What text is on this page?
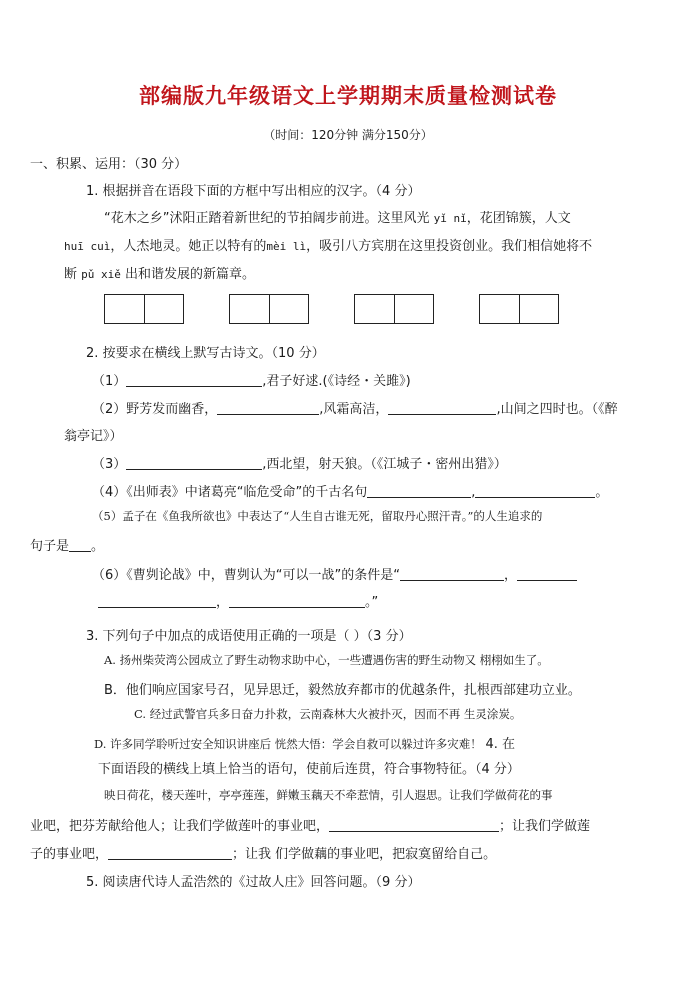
部编版九年级语文上学期期末质量检测试卷
（时间：120分钟 满分150分）
一、积累、运用：（30 分）
1. 根据拼音在语段下面的方框中写出相应的汉字。（4 分）
“花木之乡”沭阳正踏着新世纪的节拍阔步前进。这里风光 yǐ nǐ，花团锦簇，人文
huī cuì，人杰地灵。她正以特有的mèi lì，吸引八方宾朋在这里投资创业。我们相信她将不
断 pǔ xiě 出和谐发展的新篇章。
2. 按要求在横线上默写古诗文。（10 分）
（1）	,君子好逑.(《诗经・关雎》)
（2）野芳发而幽香，	,风霜高洁，	,山间之四时也。（《醉
翁亭记》）
（3）	,西北望，射天狼。（《江城子・密州出猎》）
（4）《出师表》中诸葛亮“临危受命”的千古名句	,	。
（5）孟子在《鱼我所欲也》中表达了“人生自古谁无死，留取丹心照汗青。”的人生追求的
句子是 。
（6）《曹刿论战》中，曹刿认为“可以一战”的条件是“	，
，	。”
3. 下列句子中加点的成语使用正确的一项是（ ）（3 分）
A. 扬州柴荧湾公园成立了野生动物求助中心，一些遭遇伤害的野生动物又 栩栩如生了。
B．他们响应国家号召，见异思迁，毅然放弃都市的优越条件，扎根西部建功立业。
C. 经过武警官兵多日奋力扑救，云南森林大火被扑灭，因而不再 生灵涂炭。
D. 许多同学聆听过安全知识讲座后 恍然大悟：学会自救可以躲过许多灾难！ 4. 在
下面语段的横线上填上恰当的语句，使前后连贯，符合事物特征。（4 分）
映日荷花，楼天莲叶，亭亭莲莲，鲜嫩玉藕天不牵惹情，引人遐思。让我们学做荷花的事
业吧，把芬芳献给他人；让我们学做莲叶的事业吧，	；让我们学做莲
子的事业吧，	；让我 们学做藕的事业吧，把寂寞留给自己。
5. 阅读唐代诗人孟浩然的《过故人庄》回答问题。（9 分）
